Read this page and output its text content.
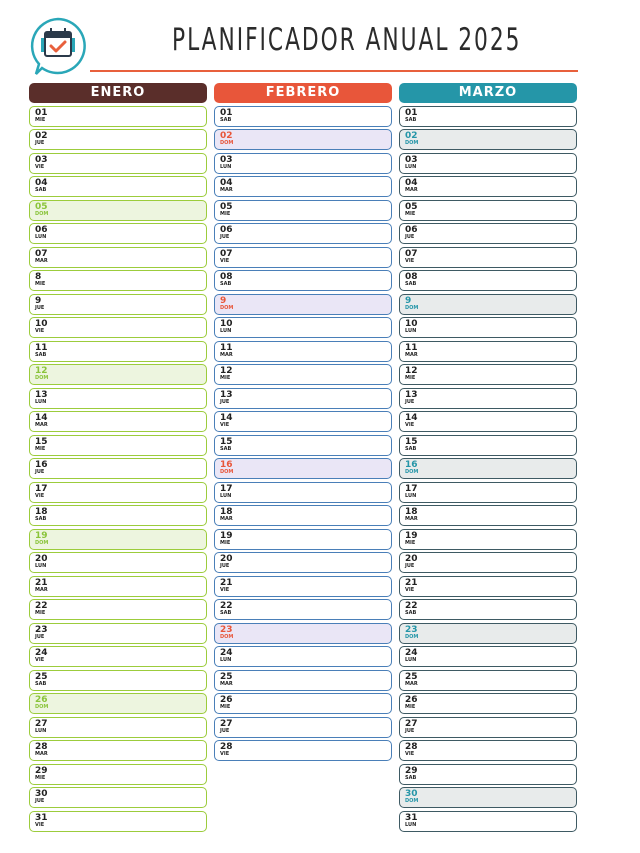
PLANIFICADOR ANUAL 2025
ENERO
01
MIE
02
JUE
03
VIE
04
SAB
05
DOM
06
LUN
07
MAR
8
MIE
9
JUE
10
VIE
11
SAB
12
DOM
13
LUN
14
MAR
15
MIE
16
JUE
17
VIE
18
SAB
19
DOM
20
LUN
21
MAR
22
MIE
23
JUE
24
VIE
25
SAB
26
DOM
27
LUN
28
MAR
29
MIE
30
JUE
31
VIE
FEBRERO
01
SAB
02
DOM
03
LUN
04
MAR
05
MIE
06
JUE
07
VIE
08
SAB
9
DOM
10
LUN
11
MAR
12
MIE
13
JUE
14
VIE
15
SAB
16
DOM
17
LUN
18
MAR
19
MIE
20
JUE
21
VIE
22
SAB
23
DOM
24
LUN
25
MAR
26
MIE
27
JUE
28
VIE
MARZO
01
SAB
02
DOM
03
LUN
04
MAR
05
MIE
06
JUE
07
VIE
08
SAB
9
DOM
10
LUN
11
MAR
12
MIE
13
JUE
14
VIE
15
SAB
16
DOM
17
LUN
18
MAR
19
MIE
20
JUE
21
VIE
22
SAB
23
DOM
24
LUN
25
MAR
26
MIE
27
JUE
28
VIE
29
SAB
30
DOM
31
LUN
